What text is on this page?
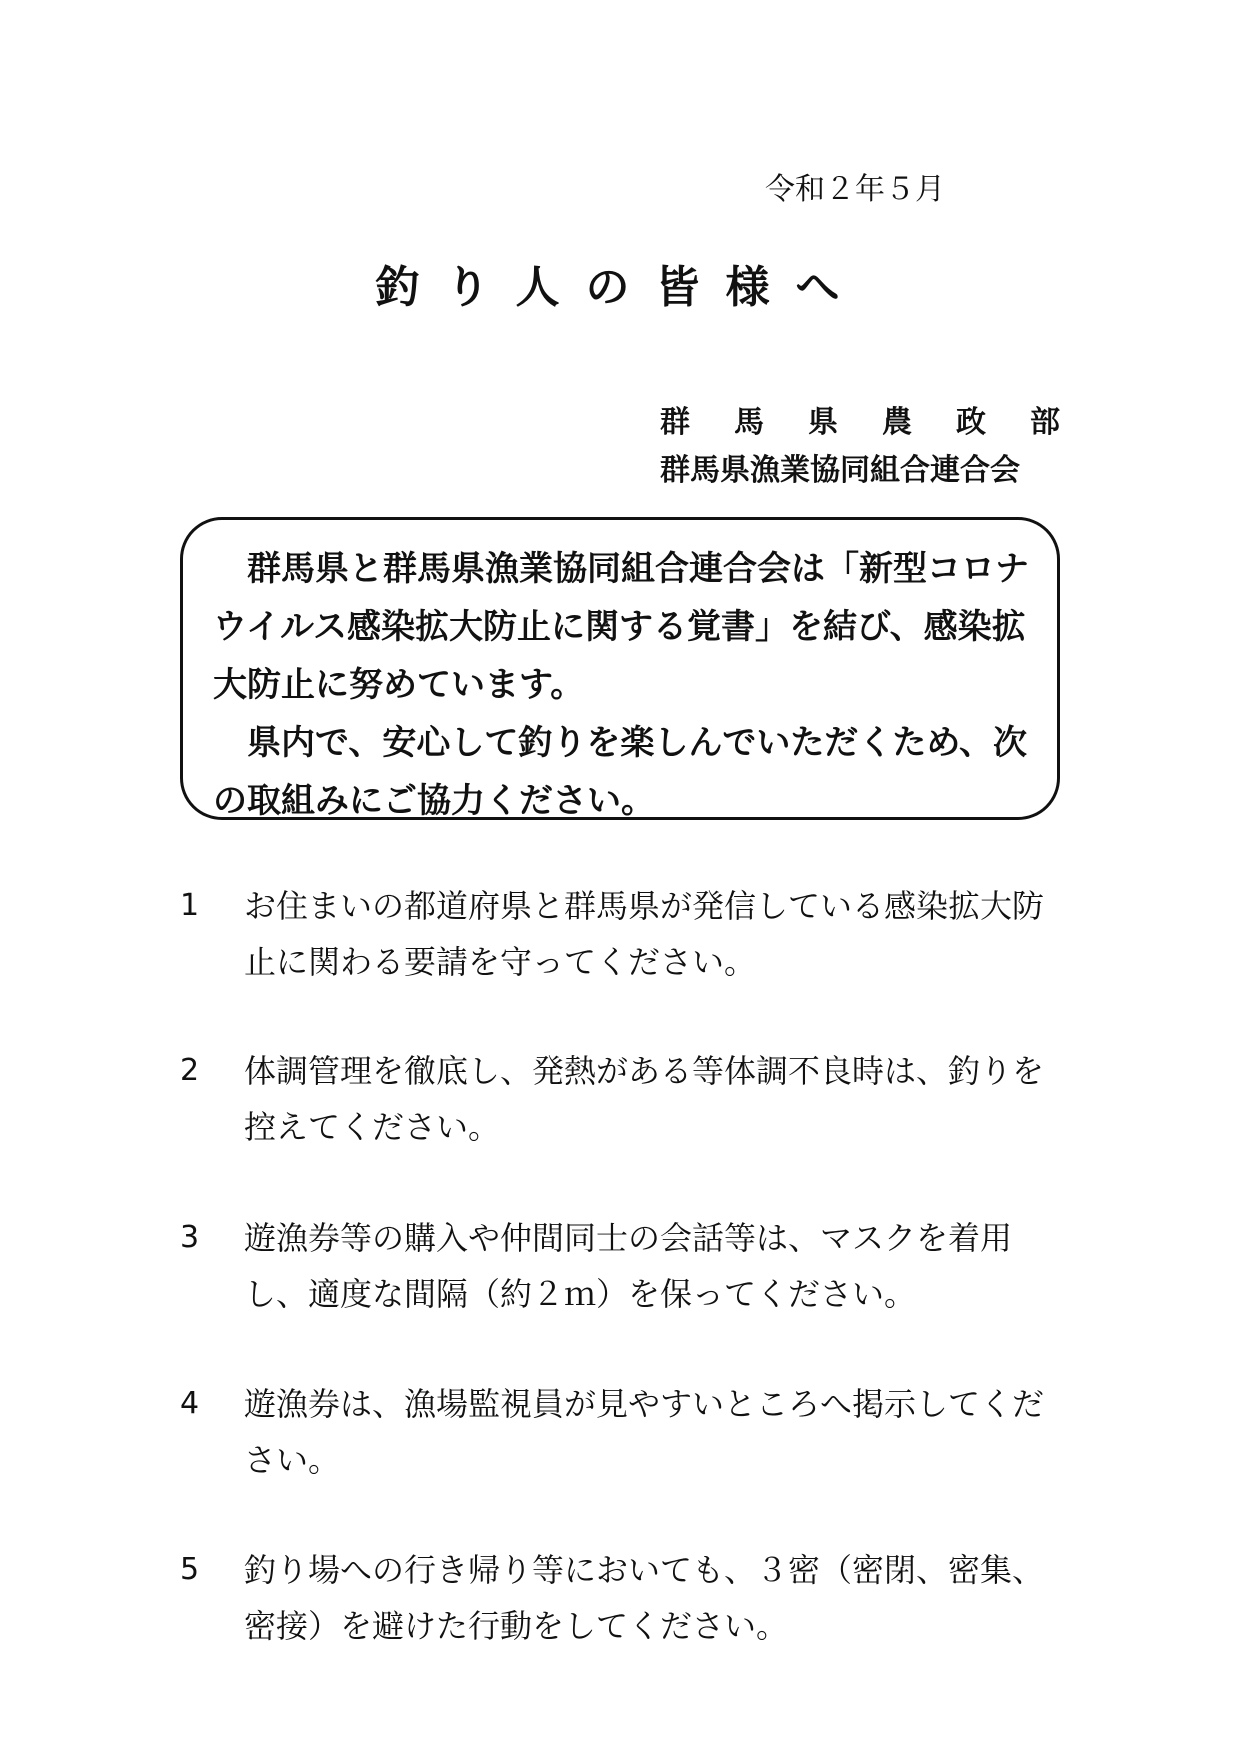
令和２年５月
釣り人の皆様へ
群馬県農政部
群馬県漁業協同組合連合会

群馬県と群馬県漁業協同組合連合会は「新型コロナウイルス感染拡大防止に関する覚書」を結び、感染拡大防止に努めています。

県内で、安心して釣りを楽しんでいただくため、次の取組みにご協力ください。

1	お住まいの都道府県と群馬県が発信している感染拡大防止に関わる要請を守ってください。
2	体調管理を徹底し、発熱がある等体調不良時は、釣りを控えてください。
3	遊漁券等の購入や仲間同士の会話等は、マスクを着用し、適度な間隔（約２ｍ）を保ってください。
4	遊漁券は、漁場監視員が見やすいところへ掲示してください。
5	釣り場への行き帰り等においても、３密（密閉、密集、密接）を避けた行動をしてください。
